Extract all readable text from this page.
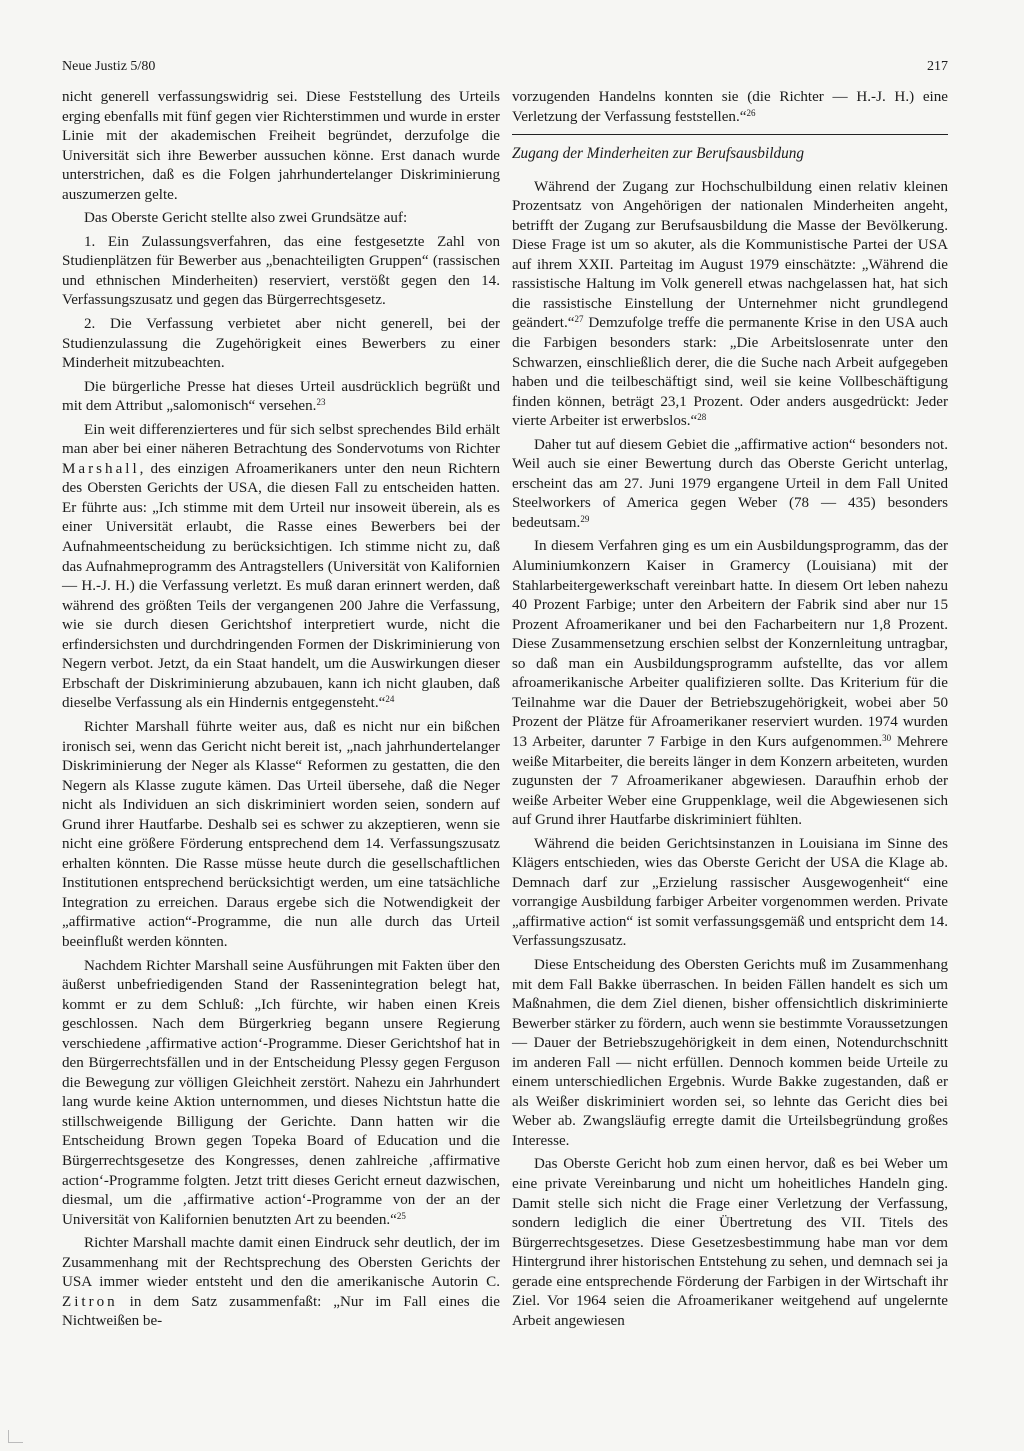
Neue Justiz 5/80	217

nicht generell verfassungswidrig sei. Diese Feststellung des Urteils erging ebenfalls mit fünf gegen vier Richterstimmen und wurde in erster Linie mit der akademischen Freiheit begründet, derzufolge die Universität sich ihre Bewerber aussuchen könne. Erst danach wurde unterstrichen, daß es die Folgen jahrhundertelanger Diskriminierung auszumerzen gelte.

Das Oberste Gericht stellte also zwei Grundsätze auf:

1. Ein Zulassungsverfahren, das eine festgesetzte Zahl von Studienplätzen für Bewerber aus „benachteiligten Gruppen“ (rassischen und ethnischen Minderheiten) reserviert, verstößt gegen den 14. Verfassungszusatz und gegen das Bürgerrechtsgesetz.

2. Die Verfassung verbietet aber nicht generell, bei der Studienzulassung die Zugehörigkeit eines Bewerbers zu einer Minderheit mitzubeachten.

Die bürgerliche Presse hat dieses Urteil ausdrücklich begrüßt und mit dem Attribut „salomonisch“ versehen.$^{23}$

Ein weit differenzierteres und für sich selbst sprechendes Bild erhält man aber bei einer näheren Betrachtung des Sondervotums von Richter Marshall, des einzigen Afroamerikaners unter den neun Richtern des Obersten Gerichts der USA, die diesen Fall zu entscheiden hatten. Er führte aus: „Ich stimme mit dem Urteil nur insoweit überein, als es einer Universität erlaubt, die Rasse eines Bewerbers bei der Aufnahmeentscheidung zu berücksichtigen. Ich stimme nicht zu, daß das Aufnahmeprogramm des Antragstellers (Universität von Kalifornien — H.-J. H.) die Verfassung verletzt. Es muß daran erinnert werden, daß während des größten Teils der vergangenen 200 Jahre die Verfassung, wie sie durch diesen Gerichtshof interpretiert wurde, nicht die erfindersichsten und durchdringenden Formen der Diskriminierung von Negern verbot. Jetzt, da ein Staat handelt, um die Auswirkungen dieser Erbschaft der Diskriminierung abzubauen, kann ich nicht glauben, daß dieselbe Verfassung als ein Hindernis entgegensteht.“$^{24}$

Richter Marshall führte weiter aus, daß es nicht nur ein bißchen ironisch sei, wenn das Gericht nicht bereit ist, „nach jahrhundertelanger Diskriminierung der Neger als Klasse“ Reformen zu gestatten, die den Negern als Klasse zugute kämen. Das Urteil übersehe, daß die Neger nicht als Individuen an sich diskriminiert worden seien, sondern auf Grund ihrer Hautfarbe. Deshalb sei es schwer zu akzeptieren, wenn sie nicht eine größere Förderung entsprechend dem 14. Verfassungszusatz erhalten könnten. Die Rasse müsse heute durch die gesellschaftlichen Institutionen entsprechend berücksichtigt werden, um eine tatsächliche Integration zu erreichen. Daraus ergebe sich die Notwendigkeit der „affirmative action“-Programme, die nun alle durch das Urteil beeinflußt werden könnten.

Nachdem Richter Marshall seine Ausführungen mit Fakten über den äußerst unbefriedigenden Stand der Rassenintegration belegt hat, kommt er zu dem Schluß: „Ich fürchte, wir haben einen Kreis geschlossen. Nach dem Bürgerkrieg begann unsere Regierung verschiedene ‚affirmative action‘-Programme. Dieser Gerichtshof hat in den Bürgerrechtsfällen und in der Entscheidung Plessy gegen Ferguson die Bewegung zur völligen Gleichheit zerstört. Nahezu ein Jahrhundert lang wurde keine Aktion unternommen, und dieses Nichtstun hatte die stillschweigende Billigung der Gerichte. Dann hatten wir die Entscheidung Brown gegen Topeka Board of Education und die Bürgerrechtsgesetze des Kongresses, denen zahlreiche ‚affirmative action‘-Programme folgten. Jetzt tritt dieses Gericht erneut dazwischen, diesmal, um die ‚affirmative action‘-Programme von der an der Universität von Kalifornien benutzten Art zu beenden.“$^{25}$

Richter Marshall machte damit einen Eindruck sehr deutlich, der im Zusammenhang mit der Rechtsprechung des Obersten Gerichts der USA immer wieder entsteht und den die amerikanische Autorin C. Zitron in dem Satz zusammenfaßt: „Nur im Fall eines die Nichtweißen be-

vorzugenden Handelns konnten sie (die Richter — H.-J. H.) eine Verletzung der Verfassung feststellen.“$^{26}$

Zugang der Minderheiten zur Berufsausbildung

Während der Zugang zur Hochschulbildung einen relativ kleinen Prozentsatz von Angehörigen der nationalen Minderheiten angeht, betrifft der Zugang zur Berufsausbildung die Masse der Bevölkerung. Diese Frage ist um so akuter, als die Kommunistische Partei der USA auf ihrem XXII. Parteitag im August 1979 einschätzte: „Während die rassistische Haltung im Volk generell etwas nachgelassen hat, hat sich die rassistische Einstellung der Unternehmer nicht grundlegend geändert.“$^{27}$ Demzufolge treffe die permanente Krise in den USA auch die Farbigen besonders stark: „Die Arbeitslosenrate unter den Schwarzen, einschließlich derer, die die Suche nach Arbeit aufgegeben haben und die teilbeschäftigt sind, weil sie keine Vollbeschäftigung finden können, beträgt 23,1 Prozent. Oder anders ausgedrückt: Jeder vierte Arbeiter ist erwerbslos.“$^{28}$

Daher tut auf diesem Gebiet die „affirmative action“ besonders not. Weil auch sie einer Bewertung durch das Oberste Gericht unterlag, erscheint das am 27. Juni 1979 ergangene Urteil in dem Fall United Steelworkers of America gegen Weber (78 — 435) besonders bedeutsam.$^{29}$

In diesem Verfahren ging es um ein Ausbildungsprogramm, das der Aluminiumkonzern Kaiser in Gramercy (Louisiana) mit der Stahlarbeitergewerkschaft vereinbart hatte. In diesem Ort leben nahezu 40 Prozent Farbige; unter den Arbeitern der Fabrik sind aber nur 15 Prozent Afroamerikaner und bei den Facharbeitern nur 1,8 Prozent. Diese Zusammensetzung erschien selbst der Konzernleitung untragbar, so daß man ein Ausbildungsprogramm aufstellte, das vor allem afroamerikanische Arbeiter qualifizieren sollte. Das Kriterium für die Teilnahme war die Dauer der Betriebszugehörigkeit, wobei aber 50 Prozent der Plätze für Afroamerikaner reserviert wurden. 1974 wurden 13 Arbeiter, darunter 7 Farbige in den Kurs aufgenommen.$^{30}$ Mehrere weiße Mitarbeiter, die bereits länger in dem Konzern arbeiteten, wurden zugunsten der 7 Afroamerikaner abgewiesen. Daraufhin erhob der weiße Arbeiter Weber eine Gruppenklage, weil die Abgewiesenen sich auf Grund ihrer Hautfarbe diskriminiert fühlten.

Während die beiden Gerichtsinstanzen in Louisiana im Sinne des Klägers entschieden, wies das Oberste Gericht der USA die Klage ab. Demnach darf zur „Erzielung rassischer Ausgewogenheit“ eine vorrangige Ausbildung farbiger Arbeiter vorgenommen werden. Private „affirmative action“ ist somit verfassungsgemäß und entspricht dem 14. Verfassungszusatz.

Diese Entscheidung des Obersten Gerichts muß im Zusammenhang mit dem Fall Bakke überraschen. In beiden Fällen handelt es sich um Maßnahmen, die dem Ziel dienen, bisher offensichtlich diskriminierte Bewerber stärker zu fördern, auch wenn sie bestimmte Voraussetzungen — Dauer der Betriebszugehörigkeit in dem einen, Notendurchschnitt im anderen Fall — nicht erfüllen. Dennoch kommen beide Urteile zu einem unterschiedlichen Ergebnis. Wurde Bakke zugestanden, daß er als Weißer diskriminiert worden sei, so lehnte das Gericht dies bei Weber ab. Zwangsläufig erregte damit die Urteilsbegründung großes Interesse.

Das Oberste Gericht hob zum einen hervor, daß es bei Weber um eine private Vereinbarung und nicht um hoheitliches Handeln ging. Damit stelle sich nicht die Frage einer Verletzung der Verfassung, sondern lediglich die einer Übertretung des VII. Titels des Bürgerrechtsgesetzes. Diese Gesetzesbestimmung habe man vor dem Hintergrund ihrer historischen Entstehung zu sehen, und demnach sei ja gerade eine entsprechende Förderung der Farbigen in der Wirtschaft ihr Ziel. Vor 1964 seien die Afroamerikaner weitgehend auf ungelernte Arbeit angewiesen
